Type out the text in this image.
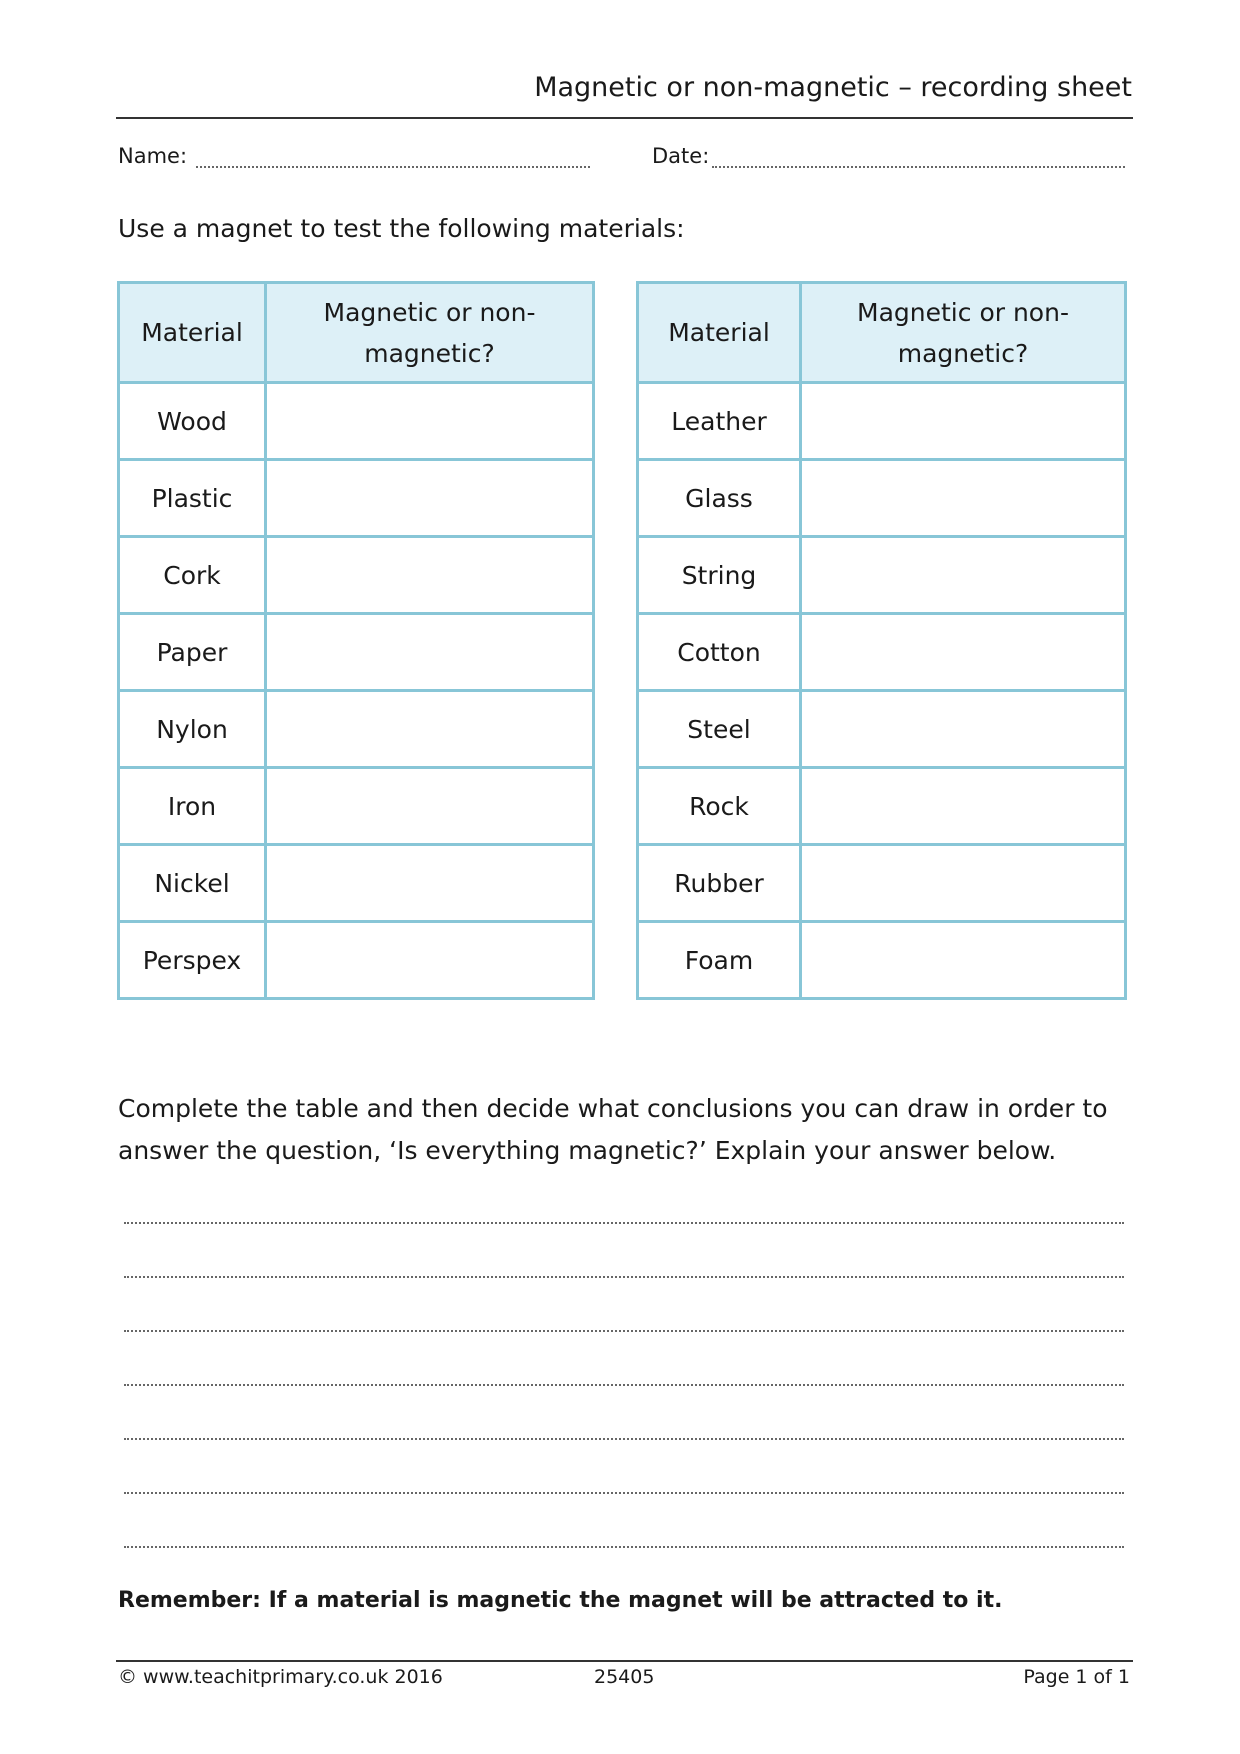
Magnetic or non-magnetic – recording sheet
Name:	Date:

Use a magnet to test the following materials:

Material	Magnetic or non-magnetic?
Wood	
Plastic	
Cork	
Paper	
Nylon	
Iron	
Nickel	
Perspex	
Material	Magnetic or non-magnetic?
Leather	
Glass	
String	
Cotton	
Steel	
Rock	
Rubber	
Foam	

Complete the table and then decide what conclusions you can draw in order to answer the question, ‘Is everything magnetic?’ Explain your answer below.

Remember: If a material is magnetic the magnet will be attracted to it.

© www.teachitprimary.co.uk 2016	25405	Page 1 of 1
